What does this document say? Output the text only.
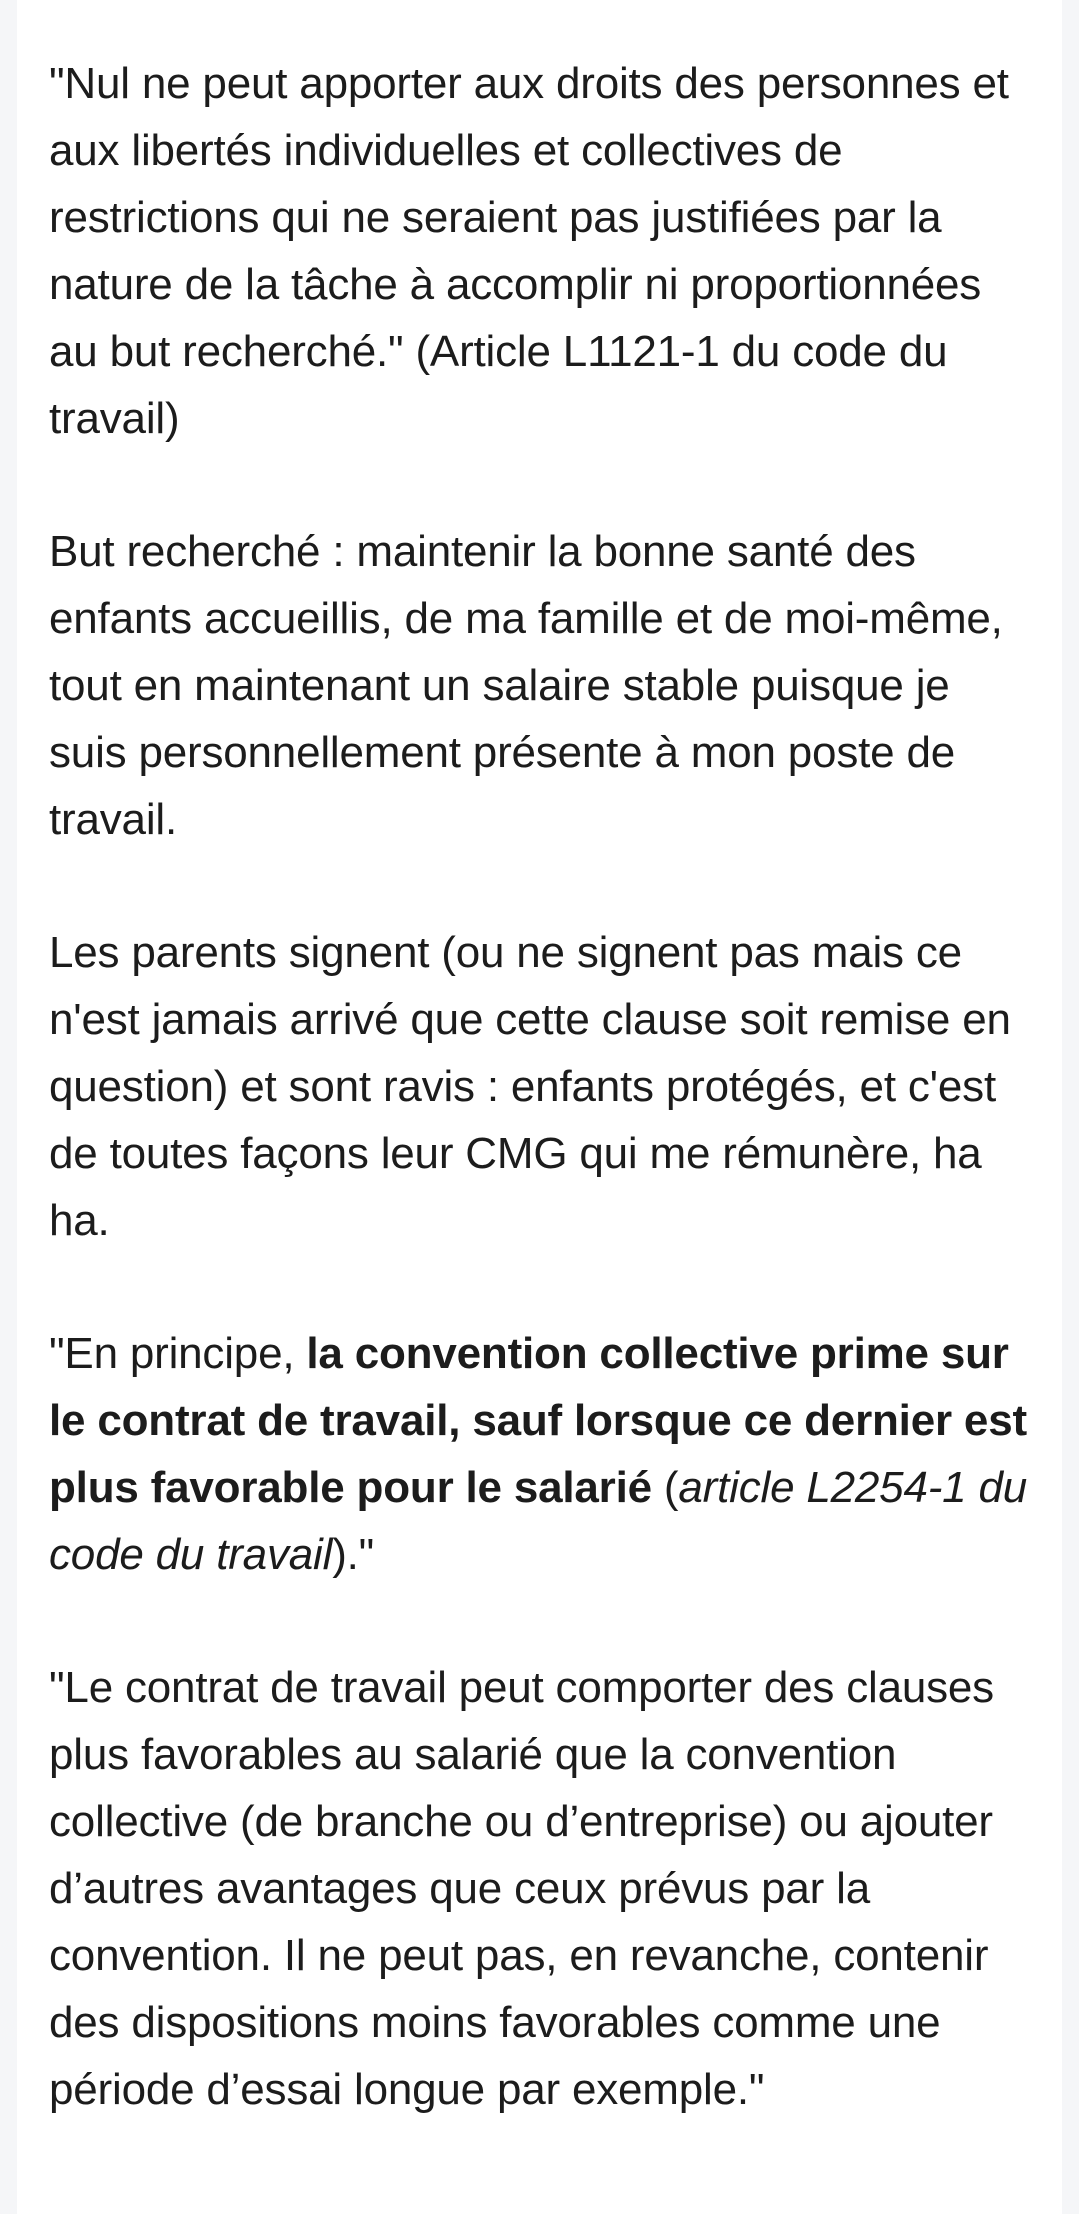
"Nul ne peut apporter aux droits des personnes et aux libertés individuelles et collectives de restrictions qui ne seraient pas justifiées par la nature de la tâche à accomplir ni proportionnées au but recherché." (Article L1121-1 du code du travail)

But recherché : maintenir la bonne santé des enfants accueillis, de ma famille et de moi-même, tout en maintenant un salaire stable puisque je suis personnellement présente à mon poste de travail.

Les parents signent (ou ne signent pas mais ce n'est jamais arrivé que cette clause soit remise en question) et sont ravis : enfants protégés, et c'est de toutes façons leur CMG qui me rémunère, ha ha.

"En principe, la convention collective prime sur le contrat de travail, sauf lorsque ce dernier est plus favorable pour le salarié (article L2254-1 du code du travail)."

"Le contrat de travail peut comporter des clauses plus favorables au salarié que la convention collective (de branche ou d’entreprise) ou ajouter d’autres avantages que ceux prévus par la convention. Il ne peut pas, en revanche, contenir des dispositions moins favorables comme une période d’essai longue par exemple."
